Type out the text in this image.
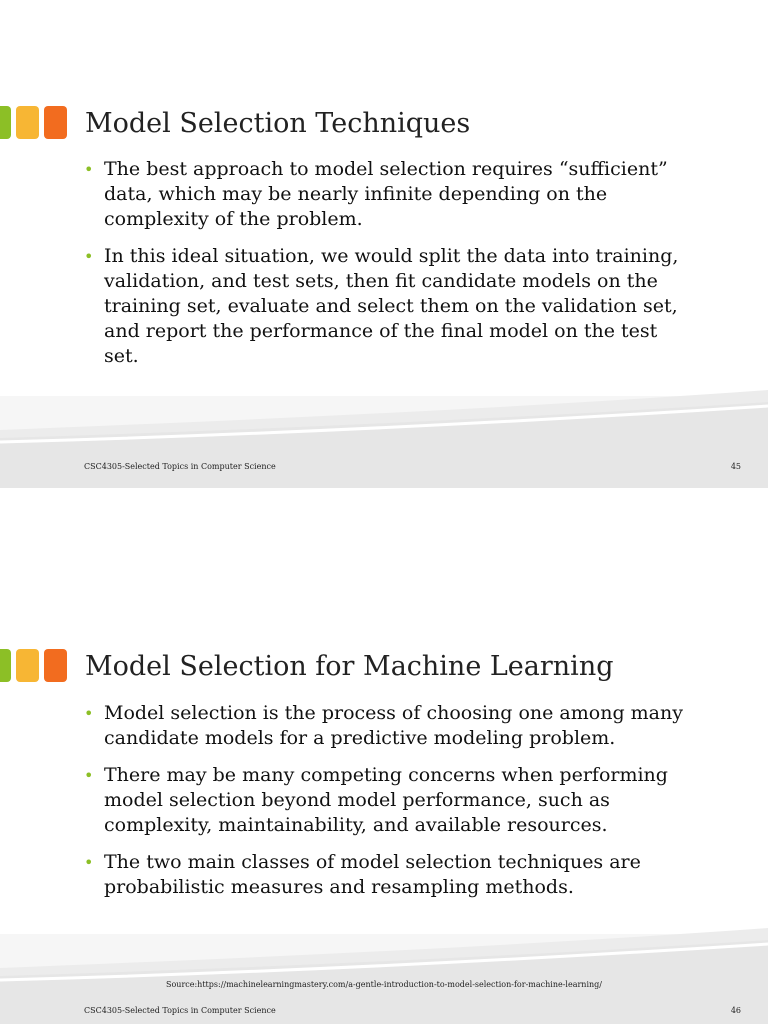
Model Selection Techniques
• The best approach to model selection requires “sufficient” data, which may be nearly infinite depending on the complexity of the problem.
• In this ideal situation, we would split the data into training, validation, and test sets, then fit candidate models on the training set, evaluate and select them on the validation set, and report the performance of the final model on the test set.
CSC4305-Selected Topics in Computer Science	45
Model Selection for Machine Learning
• Model selection is the process of choosing one among many candidate models for a predictive modeling problem.
• There may be many competing concerns when performing model selection beyond model performance, such as complexity, maintainability, and available resources.
• The two main classes of model selection techniques are probabilistic measures and resampling methods.
Source:https://machinelearningmastery.com/a-gentle-introduction-to-model-selection-for-machine-learning/
CSC4305-Selected Topics in Computer Science	46
